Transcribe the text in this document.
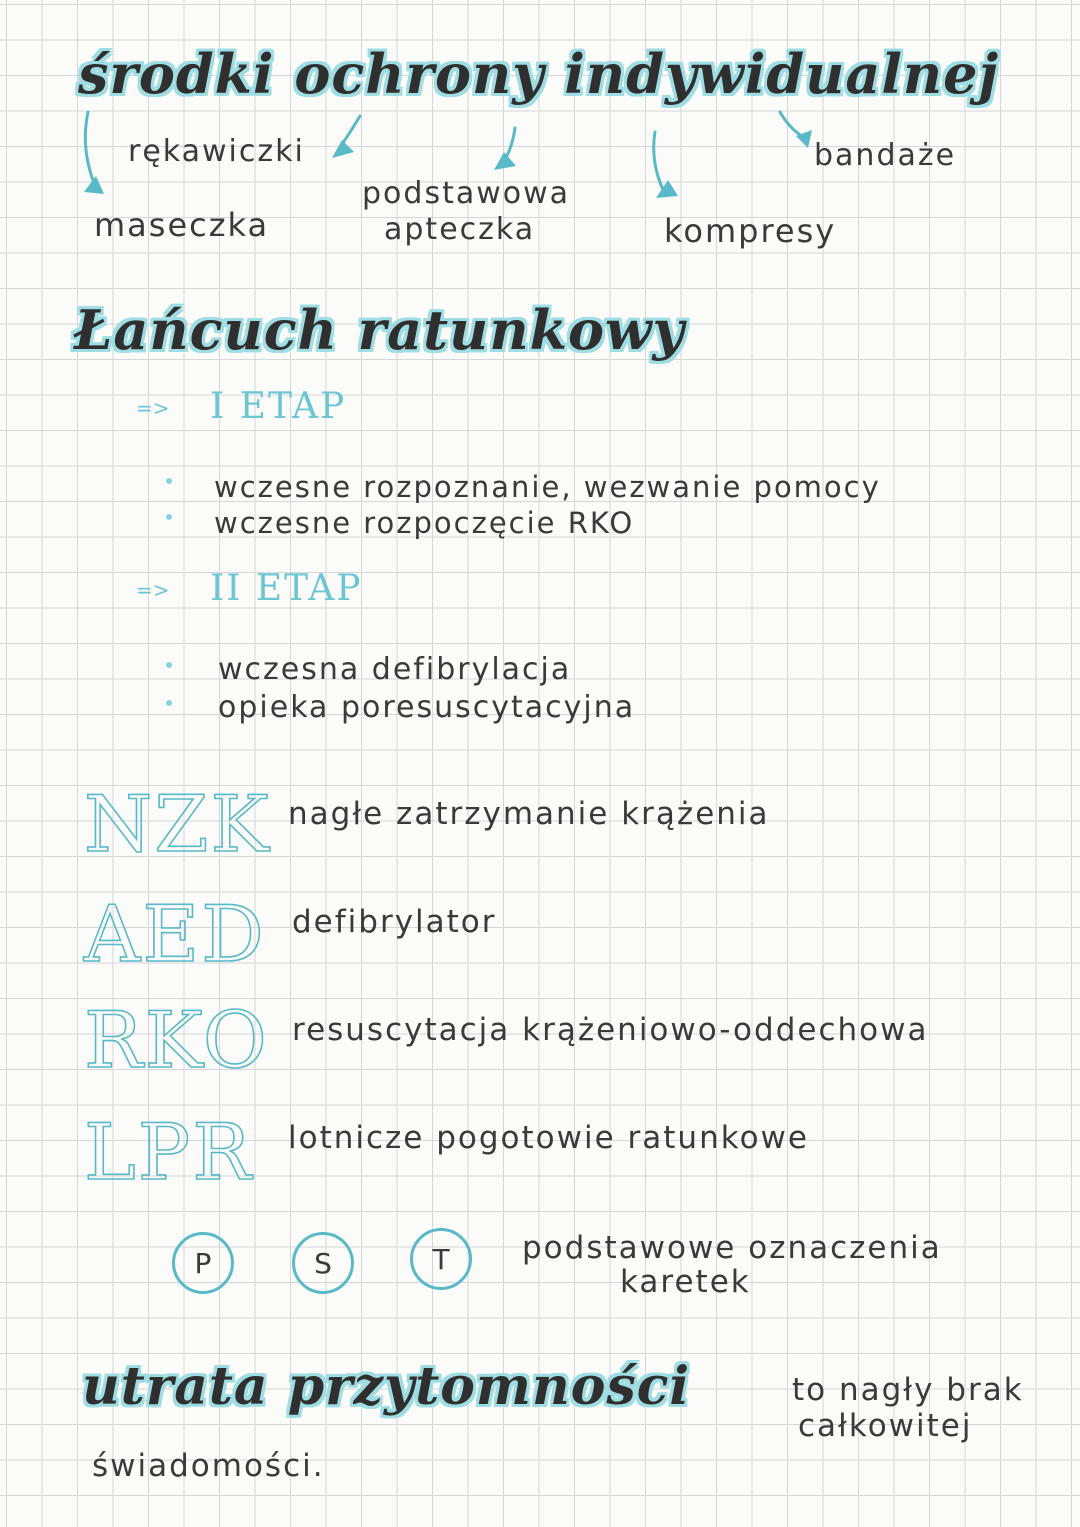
środki ochrony indywidualnej
rękawiczki
maseczka
podstawowa
apteczka	kompresy
bandaże
Łańcuch ratunkowy
=> I ETAP
wczesne rozpoznanie, wezwanie pomocy
wczesne rozpoczęcie RKO
=> II ETAP
wczesna defibrylacja
opieka poresuscytacyjna
NZK nagłe zatrzymanie krążenia
AED defibrylator
RKO resuscytacja krążeniowo-oddechowa
LPR lotnicze pogotowie ratunkowe
P	S	T	podstawowe oznaczenia
karetek
utrata przytomności	to nagły brak
całkowitej
świadomości.
